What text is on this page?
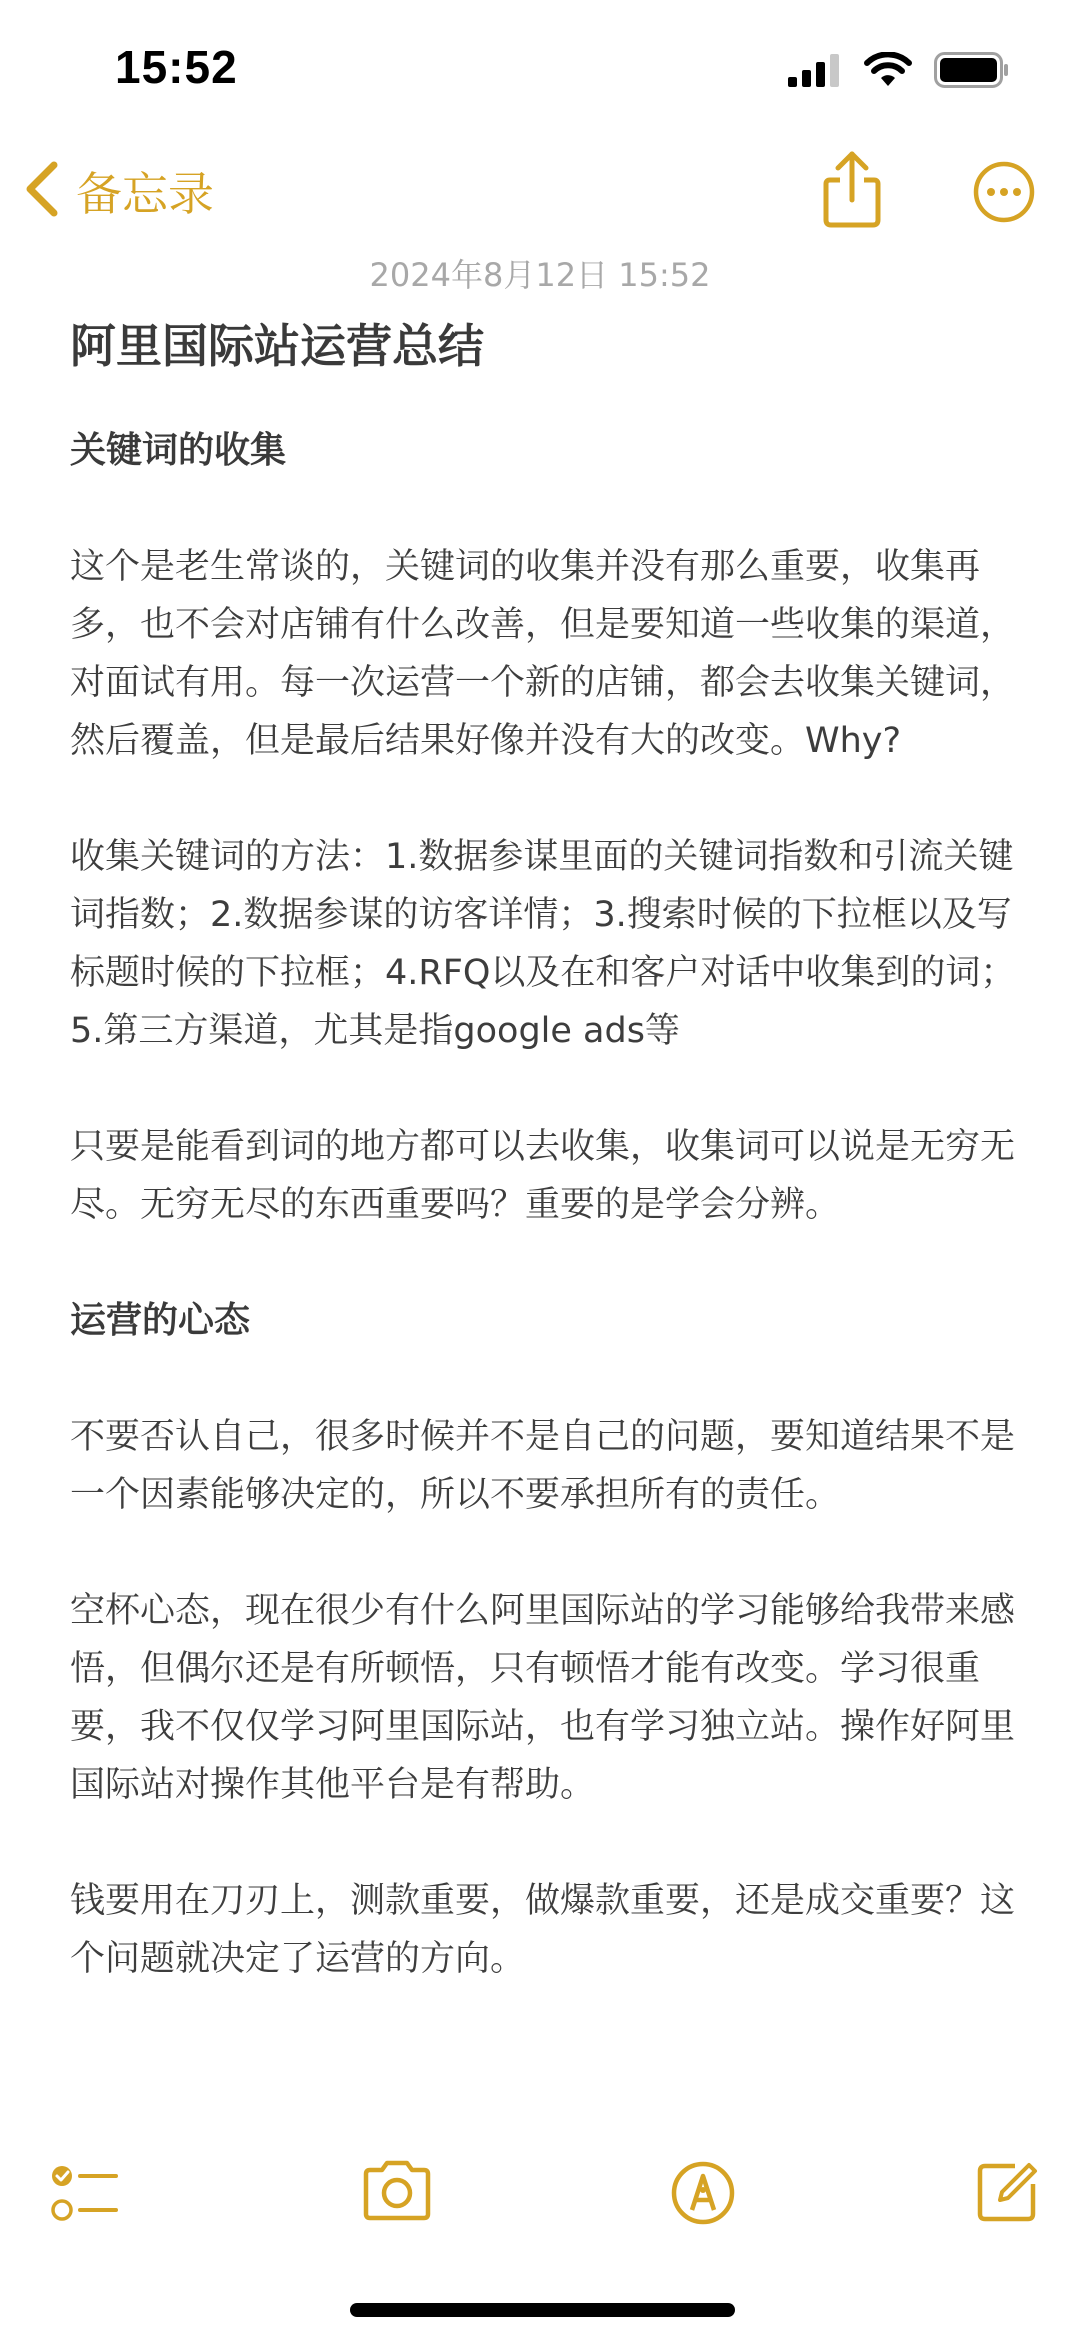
15:52
备忘录
2024年8月12日 15:52
阿里国际站运营总结
关键词的收集
这个是老生常谈的，关键词的收集并没有那么重要，收集再多，也不会对店铺有什么改善，但是要知道一些收集的渠道，对面试有用。每一次运营一个新的店铺，都会去收集关键词，然后覆盖，但是最后结果好像并没有大的改变。Why?
收集关键词的方法：1.数据参谋里面的关键词指数和引流关键词指数；2.数据参谋的访客详情；3.搜索时候的下拉框以及写标题时候的下拉框；4.RFQ以及在和客户对话中收集到的词；5.第三方渠道，尤其是指google ads等
只要是能看到词的地方都可以去收集，收集词可以说是无穷无尽。无穷无尽的东西重要吗？重要的是学会分辨。
运营的心态
不要否认自己，很多时候并不是自己的问题，要知道结果不是一个因素能够决定的，所以不要承担所有的责任。
空杯心态，现在很少有什么阿里国际站的学习能够给我带来感悟，但偶尔还是有所顿悟，只有顿悟才能有改变。学习很重要，我不仅仅学习阿里国际站，也有学习独立站。操作好阿里国际站对操作其他平台是有帮助。
钱要用在刀刃上，测款重要，做爆款重要，还是成交重要？这个问题就决定了运营的方向。
